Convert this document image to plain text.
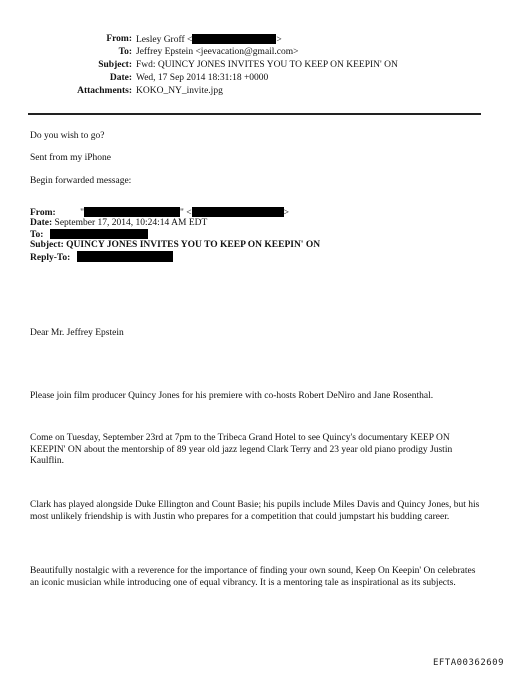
From: Lesley Groff <	>
To: Jeffrey Epstein <jeevacation@gmail.com>
Subject: Fwd: QUINCY JONES INVITES YOU TO KEEP ON KEEPIN' ON
Date: Wed, 17 Sep 2014 18:31:18 +0000
Attachments: KOKO_NY_invite.jpg
Do you wish to go?
Sent from my iPhone
Begin forwarded message:
From:	"	" <	>
Date: September 17, 2014, 10:24:14 AM EDT
To:
Subject: QUINCY JONES INVITES YOU TO KEEP ON KEEPIN' ON
Reply-To:
Dear Mr. Jeffrey Epstein
Please join film producer Quincy Jones for his premiere with co-hosts Robert DeNiro and Jane Rosenthal.
Come on Tuesday, September 23rd at 7pm to the Tribeca Grand Hotel to see Quincy's documentary KEEP ON KEEPIN' ON about the mentorship of 89 year old jazz legend Clark Terry and 23 year old piano prodigy Justin Kaulflin.
Clark has played alongside Duke Ellington and Count Basie; his pupils include Miles Davis and Quincy Jones, but his most unlikely friendship is with Justin who prepares for a competition that could jumpstart his budding career.
Beautifully nostalgic with a reverence for the importance of finding your own sound, Keep On Keepin' On celebrates an iconic musician while introducing one of equal vibrancy. It is a mentoring tale as inspirational as its subjects.
EFTA00362609
